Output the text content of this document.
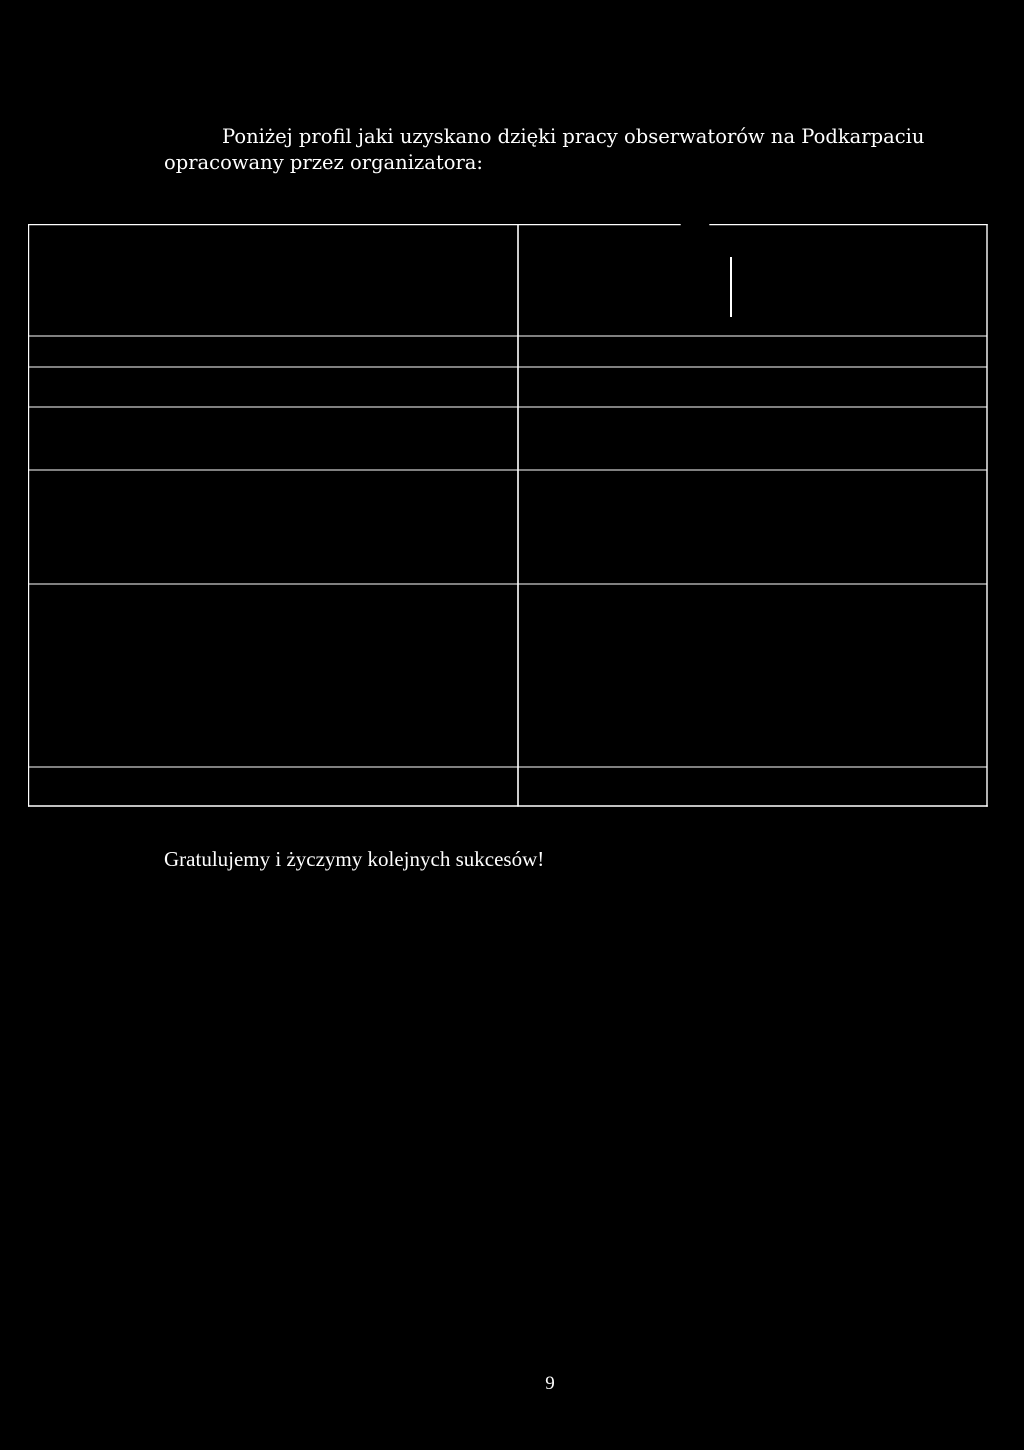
Poniżej profil jaki uzyskano dzięki pracy obserwatorów na Podkarpaciu
opracowany przez organizatora:

Gratulujemy i życzymy kolejnych sukcesów!

9
